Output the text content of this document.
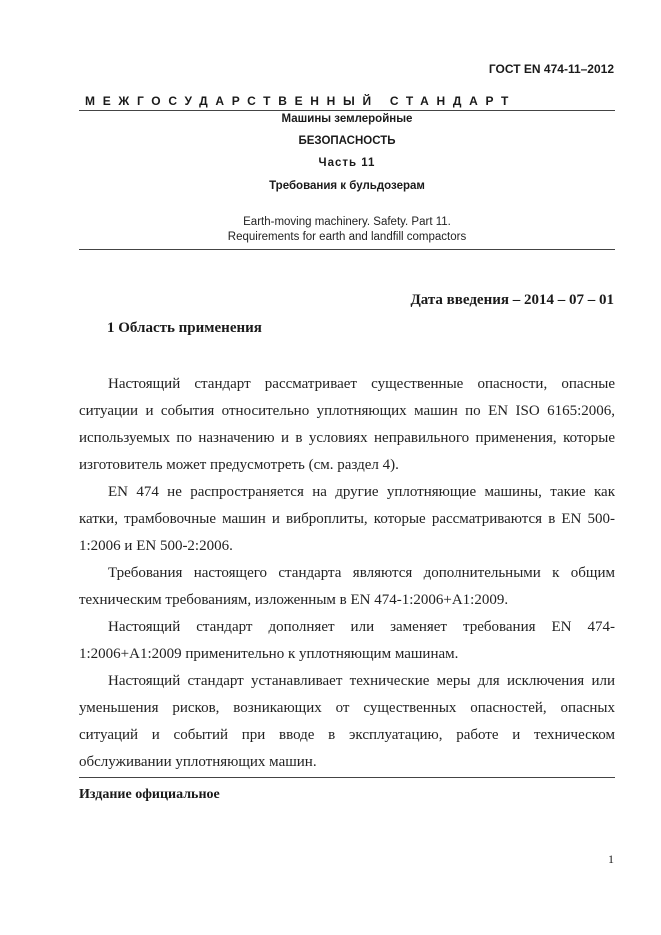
ГОСТ EN 474-11–2012
МЕЖГОСУДАРСТВЕННЫЙ СТАНДАРТ
Машины землеройные
БЕЗОПАСНОСТЬ
Часть 11
Требования к бульдозерам
Earth-moving machinery. Safety. Part 11.
Requirements for earth and landfill compactors
Дата введения – 2014 – 07 – 01
1 Область применения

Настоящий стандарт рассматривает существенные опасности, опасные ситуации и события относительно уплотняющих машин по EN ISO 6165:2006, используемых по назначению и в условиях неправильного применения, которые изготовитель может предусмотреть (см. раздел 4).

EN 474 не распространяется на другие уплотняющие машины, такие как катки, трамбовочные машин и виброплиты, которые рассматриваются в EN 500-1:2006 и EN 500-2:2006.

Требования настоящего стандарта являются дополнительными к общим техническим требованиям, изложенным в EN 474-1:2006+A1:2009.

Настоящий стандарт дополняет или заменяет требования EN 474-1:2006+A1:2009 применительно к уплотняющим машинам.

Настоящий стандарт устанавливает технические меры для исключения или уменьшения рисков, возникающих от существенных опасностей, опасных ситуаций и событий при вводе в эксплуатацию, работе и техническом обслуживании уплотняющих машин.

Издание официальное
1
